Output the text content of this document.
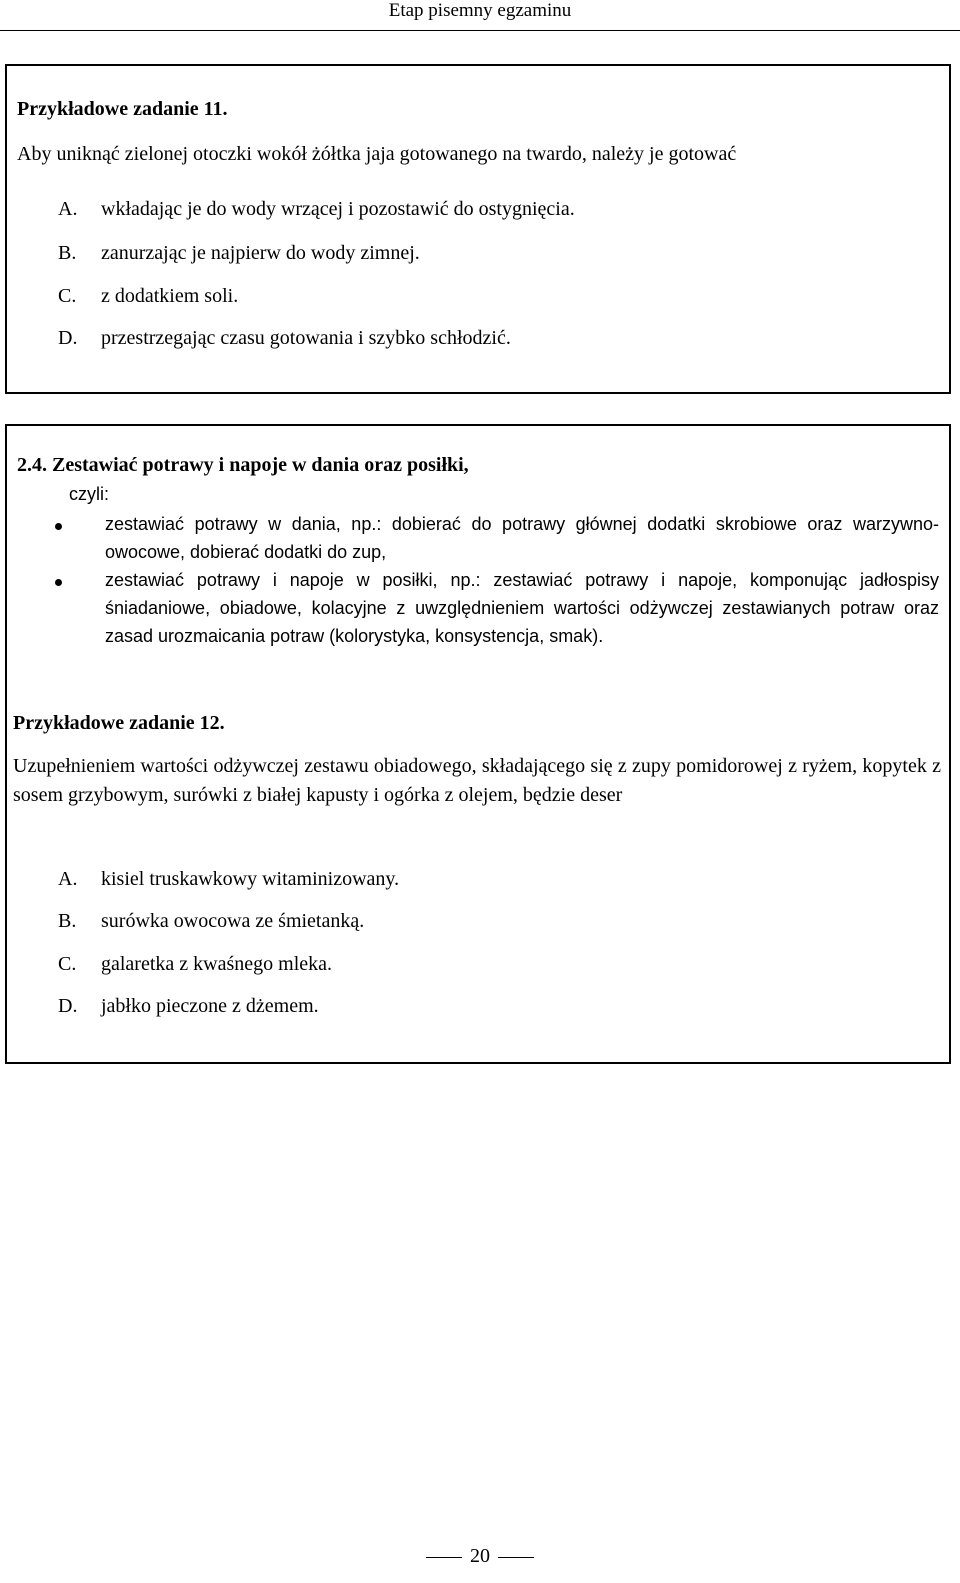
Etap pisemny egzaminu
Przykładowe zadanie 11.
Aby uniknąć zielonej otoczki wokół żółtka jaja gotowanego na twardo, należy je gotować
A. wkładając je do wody wrzącej i pozostawić do ostygnięcia.
B. zanurzając je najpierw do wody zimnej.
C. z dodatkiem soli.
D. przestrzegając czasu gotowania i szybko schłodzić.
2.4. Zestawiać potrawy i napoje w dania oraz posiłki,
czyli:
zestawiać potrawy w dania, np.: dobierać do potrawy głównej dodatki skrobiowe oraz warzywno-owocowe, dobierać dodatki do zup,
zestawiać potrawy i napoje w posiłki, np.: zestawiać potrawy i napoje, komponując jadłospisy śniadaniowe, obiadowe, kolacyjne z uwzględnieniem wartości odżywczej zestawianych potraw oraz zasad urozmaicania potraw (kolorystyka, konsystencja, smak).
Przykładowe zadanie 12.
Uzupełnieniem wartości odżywczej zestawu obiadowego, składającego się z zupy pomidorowej z ryżem, kopytek z sosem grzybowym, surówki z białej kapusty i ogórka z olejem, będzie deser
A. kisiel truskawkowy witaminizowany.
B. surówka owocowa ze śmietanką.
C. galaretka z kwaśnego mleka.
D. jabłko pieczone z dżemem.
20
